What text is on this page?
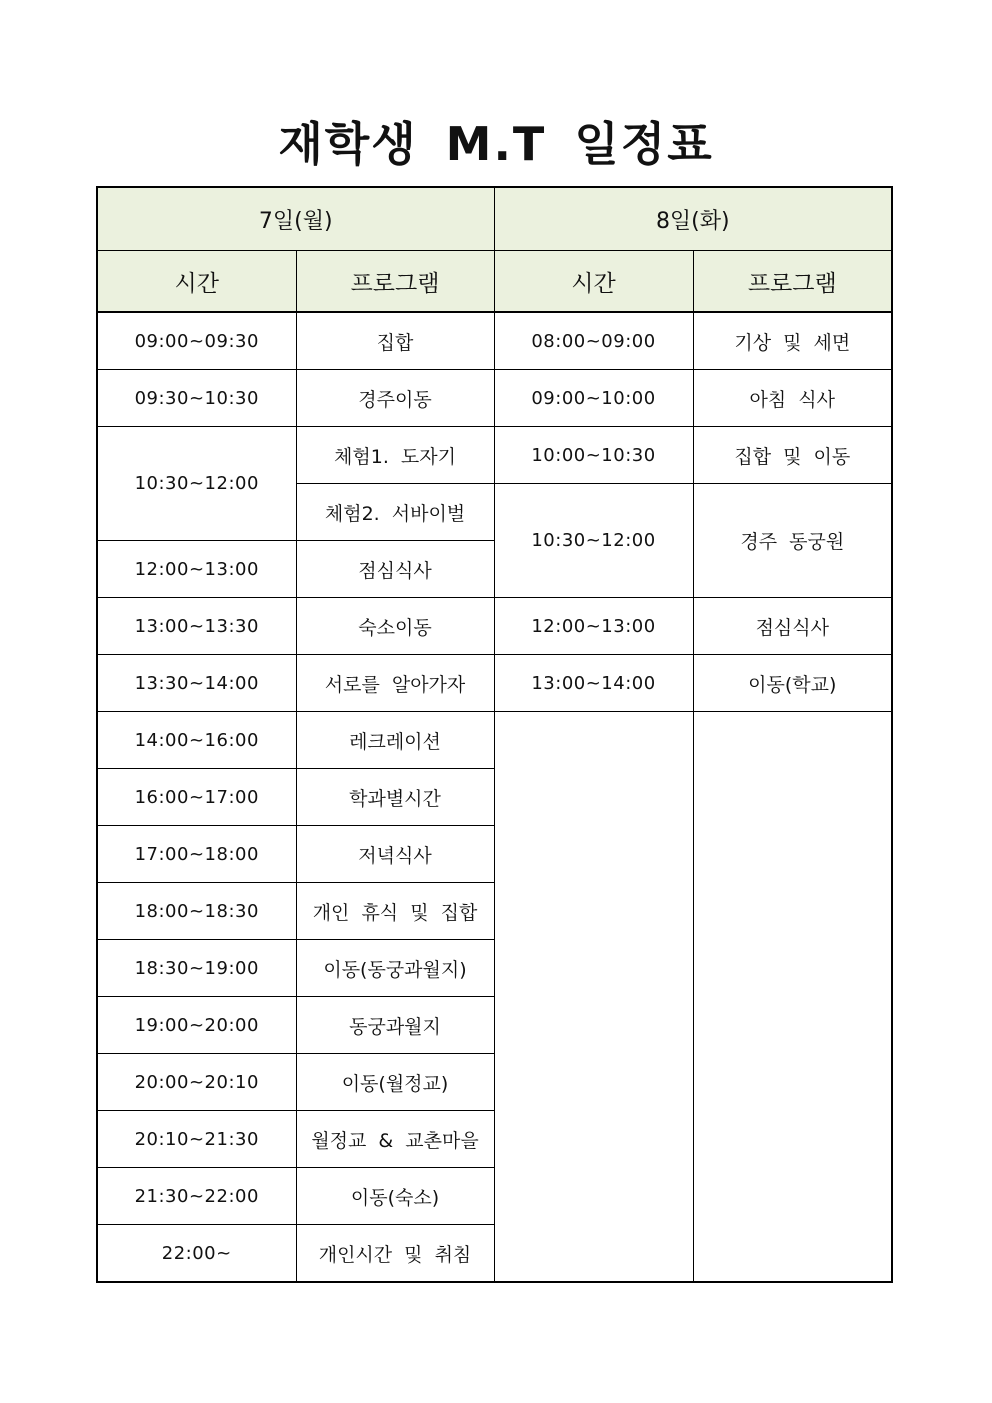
재학생 M.T 일정표
7일(월)		8일(화)	
시간	프로그램	시간	프로그램
09:00~09:30	집합	08:00~09:00	기상 및 세면
09:30~10:30	경주이동	09:00~10:00	아침 식사
10:30~12:00	체험1. 도자기	10:00~10:30	집합 및 이동
	체험2. 서바이벌	10:30~12:00	경주 동궁원
12:00~13:00	점심식사		
13:00~13:30	숙소이동	12:00~13:00	점심식사
13:30~14:00	서로를 알아가자	13:00~14:00	이동(학교)
14:00~16:00	레크레이션		
16:00~17:00	학과별시간		
17:00~18:00	저녁식사		
18:00~18:30	개인 휴식 및 집합		
18:30~19:00	이동(동궁과월지)		
19:00~20:00	동궁과월지		
20:00~20:10	이동(월정교)		
20:10~21:30	월정교 & 교촌마을		
21:30~22:00	이동(숙소)		
22:00~	개인시간 및 취침		
